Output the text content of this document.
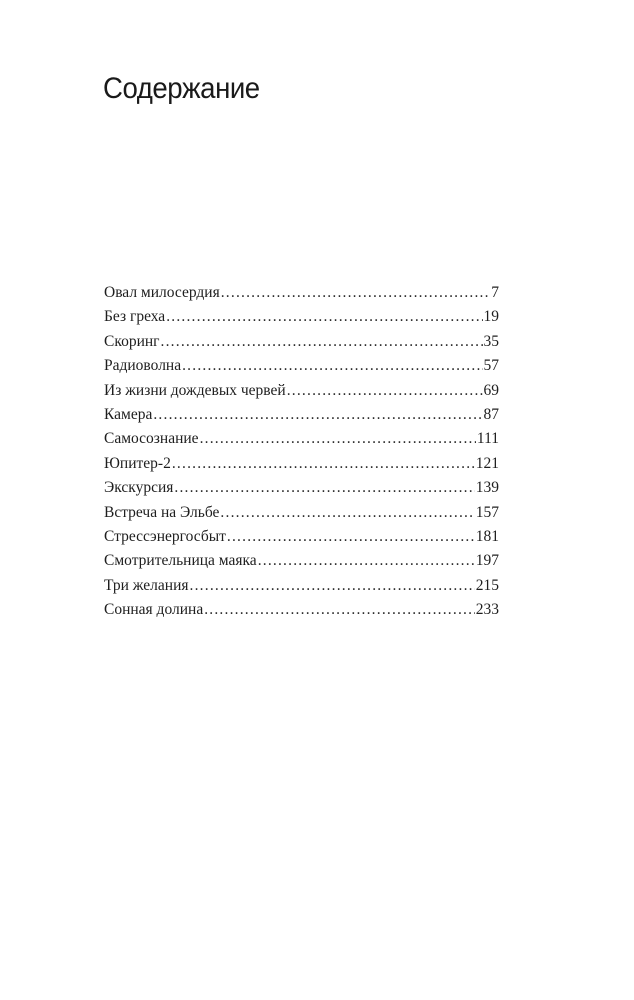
Содержание
Овал милосердия .....	7
Без греха .....	19
Скоринг .....	35
Радиоволна .....	57
Из жизни дождевых червей .....	69
Камера .....	87
Самосознание .....	111
Юпитер-2 .....	121
Экскурсия .....	139
Встреча на Эльбе .....	157
Стрессэнергосбыт .....	181
Смотрительница маяка .....	197
Три желания .....	215
Сонная долина .....	233
